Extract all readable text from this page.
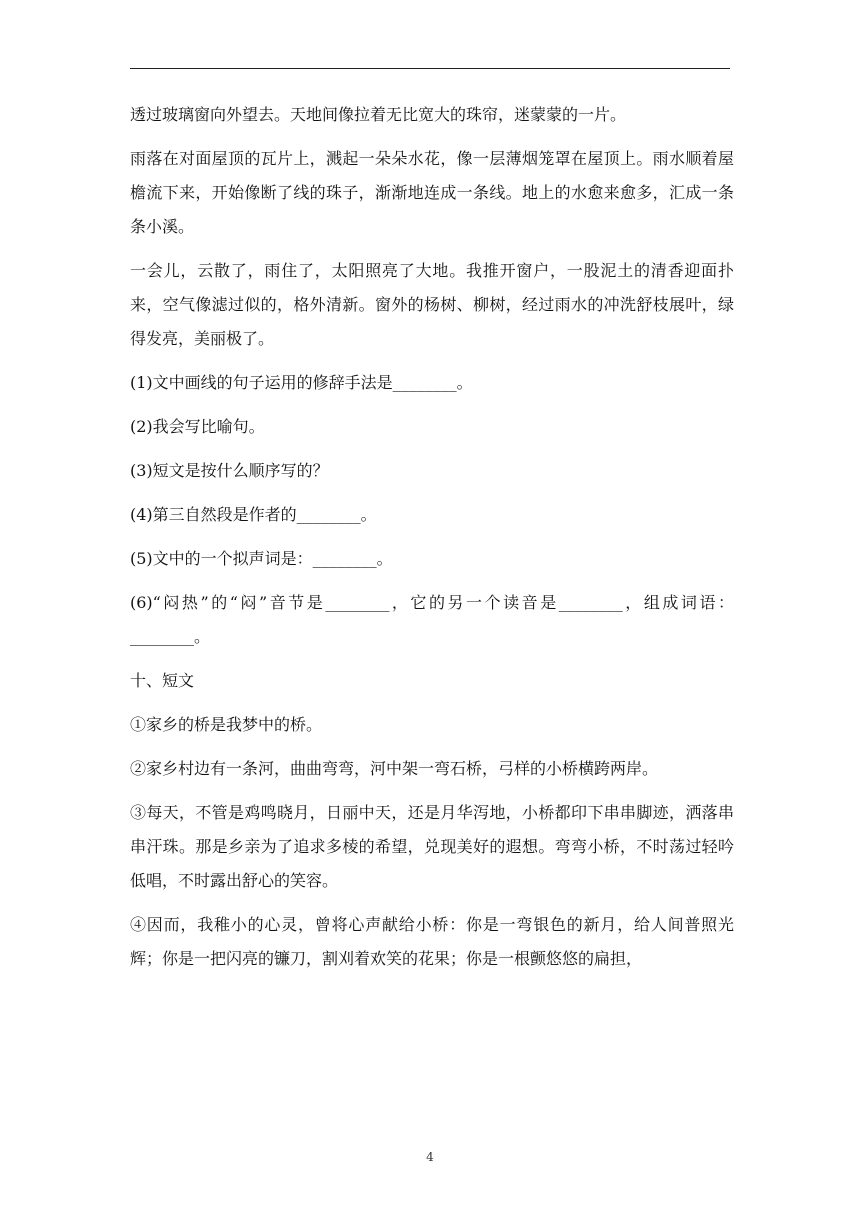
透过玻璃窗向外望去。天地间像拉着无比宽大的珠帘，迷蒙蒙的一片。

雨落在对面屋顶的瓦片上，溅起一朵朵水花，像一层薄烟笼罩在屋顶上。雨水顺着屋檐流下来，开始像断了线的珠子，渐渐地连成一条线。地上的水愈来愈多，汇成一条条小溪。

一会儿，云散了，雨住了，太阳照亮了大地。我推开窗户，一股泥土的清香迎面扑来，空气像滤过似的，格外清新。窗外的杨树、柳树，经过雨水的冲洗舒枝展叶，绿得发亮，美丽极了。

(1)文中画线的句子运用的修辞手法是________。

(2)我会写比喻句。

(3)短文是按什么顺序写的？

(4)第三自然段是作者的________。

(5)文中的一个拟声词是：________。

(6)“闷热”的“闷”音节是________，它的另一个读音是________，组成词语：________。

十、短文

①家乡的桥是我梦中的桥。

②家乡村边有一条河，曲曲弯弯，河中架一弯石桥，弓样的小桥横跨两岸。

③每天，不管是鸡鸣晓月，日丽中天，还是月华泻地，小桥都印下串串脚迹，洒落串串汗珠。那是乡亲为了追求多棱的希望，兑现美好的遐想。弯弯小桥，不时荡过轻吟低唱，不时露出舒心的笑容。

④因而，我稚小的心灵，曾将心声献给小桥：你是一弯银色的新月，给人间普照光辉；你是一把闪亮的镰刀，割刈着欢笑的花果；你是一根颤悠悠的扁担，

4
